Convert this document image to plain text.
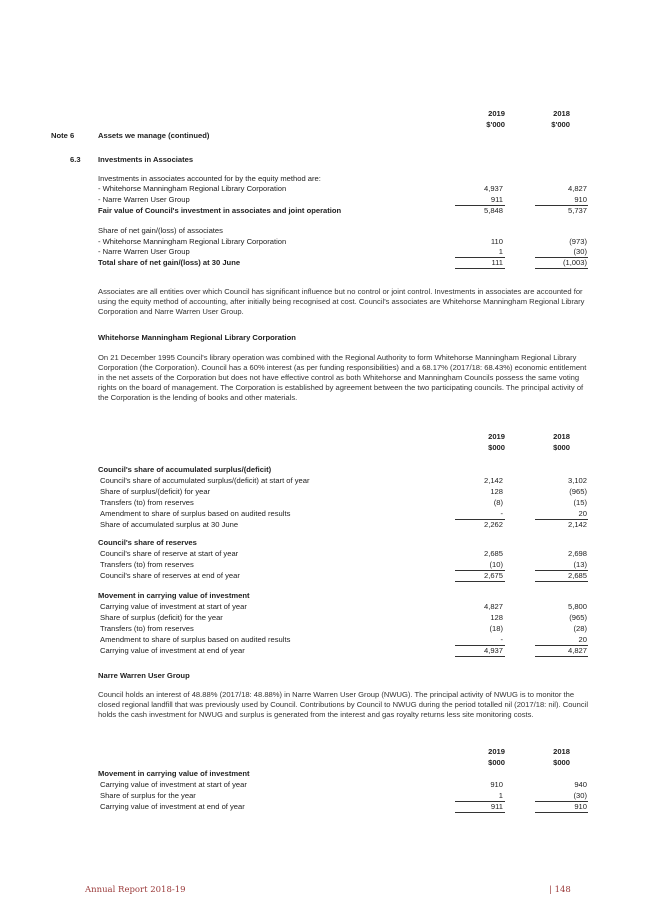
2019
$'000
2018
$'000
Note 6	Assets we manage (continued)
6.3 Investments in Associates
Investments in associates accounted for by the equity method are:
- Whitehorse Manningham Regional Library Corporation	4,937	4,827
- Narre Warren User Group	911	910
Fair value of Council's investment in associates and joint operation	5,848	5,737
Share of net gain/(loss) of associates
- Whitehorse Manningham Regional Library Corporation	110	(973)
- Narre Warren User Group	1	(30)
Total share of net gain/(loss) at 30 June	111	(1,003)
Associates are all entities over which Council has significant influence but no control or joint control. Investments in associates are accounted for using the equity method of accounting, after initially being recognised at cost. Council's associates are Whitehorse Manningham Regional Library Corporation and Narre Warren User Group.
Whitehorse Manningham Regional Library Corporation
On 21 December 1995 Council's library operation was combined with the Regional Authority to form Whitehorse Manningham Regional Library Corporation (the Corporation). Council has a 60% interest (as per funding responsibilities) and a 68.17% (2017/18: 68.43%) economic entitlement in the net assets of the Corporation but does not have effective control as both Whitehorse and Manningham Councils possess the same voting rights on the board of management. The Corporation is established by agreement between the two participating councils. The principal activity of the Corporation is the lending of books and other materials.
2019
$000
2018
$000
Council's share of accumulated surplus/(deficit)
Council's share of accumulated surplus/(deficit) at start of year	2,142	3,102
Share of surplus/(deficit) for year	128	(965)
Transfers (to) from reserves	(8)	(15)
Amendment to share of surplus based on audited results	-	20
Share of accumulated surplus at 30 June	2,262	2,142
Council's share of reserves
Council's share of reserve at start of year	2,685	2,698
Transfers (to) from reserves	(10)	(13)
Council's share of reserves at end of year	2,675	2,685
Movement in carrying value of investment
Carrying value of investment at start of year	4,827	5,800
Share of surplus (deficit) for the year	128	(965)
Transfers (to) from reserves	(18)	(28)
Amendment to share of surplus based on audited results	-	20
Carrying value of investment at end of year	4,937	4,827
Narre Warren User Group
Council holds an interest of 48.88% (2017/18: 48.88%) in Narre Warren User Group (NWUG). The principal activity of NWUG is to monitor the closed regional landfill that was previously used by Council. Contributions by Council to NWUG during the period totalled nil (2017/18: nil). Council holds the cash investment for NWUG and surplus is generated from the interest and gas royalty returns less site monitoring costs.
2019
$000
2018
$000
Movement in carrying value of investment
Carrying value of investment at start of year	910	940
Share of surplus for the year	1	(30)
Carrying value of investment at end of year	911	910
Annual Report 2018-19	| 148
